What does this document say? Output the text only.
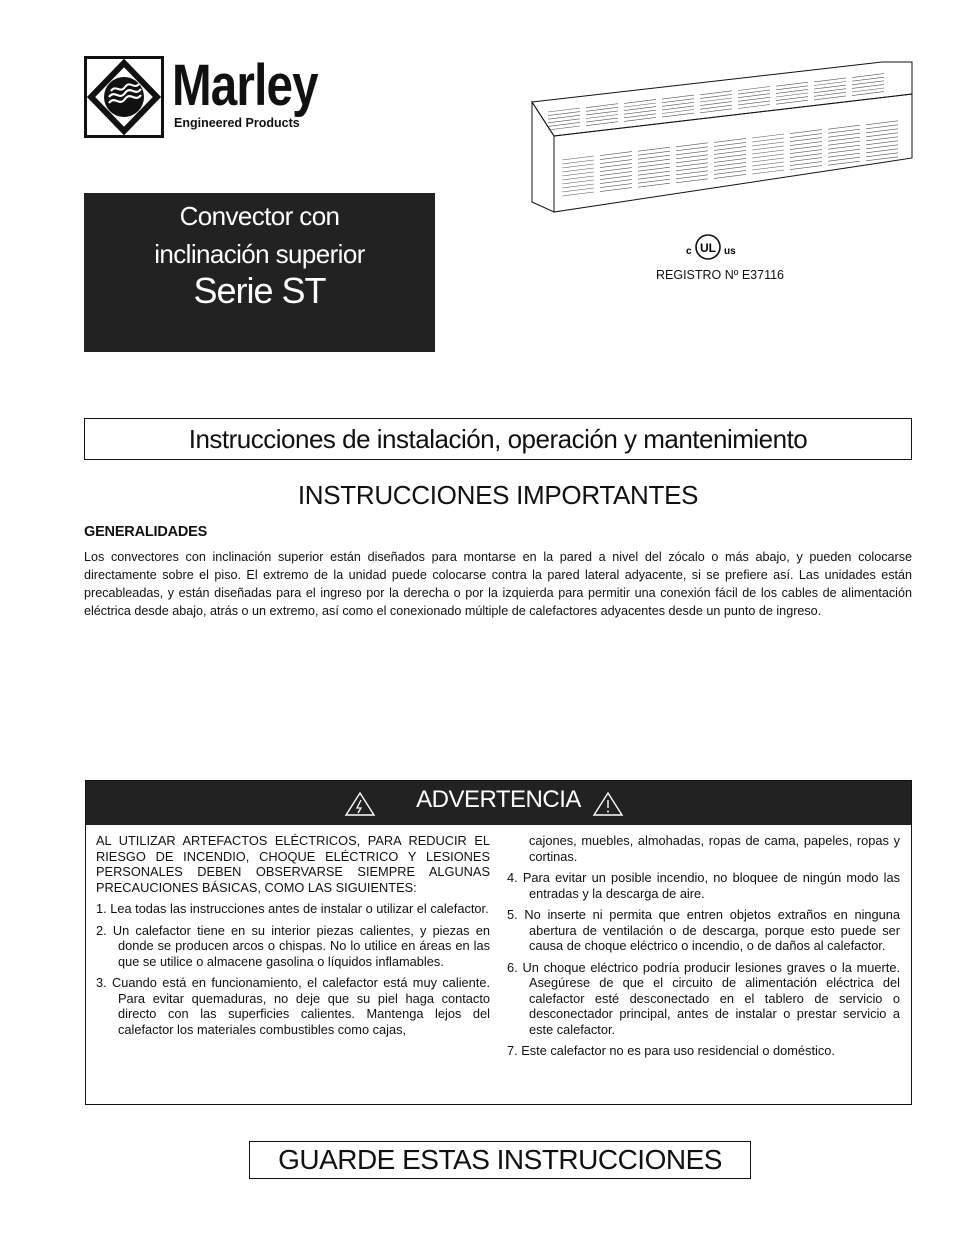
Marley
Engineered Products
Convector con
inclinación superior
Serie ST
c UL us
REGISTRO Nº E37116
Instrucciones de instalación, operación y mantenimiento
INSTRUCCIONES IMPORTANTES
GENERALIDADES
Los convectores con inclinación superior están diseñados para montarse en la pared a nivel del zócalo o más abajo, y pueden colocarse directamente sobre el piso. El extremo de la unidad puede colocarse contra la pared lateral adyacente, si se prefiere así. Las unidades están precableadas, y están diseñadas para el ingreso por la derecha o por la izquierda para permitir una conexión fácil de los cables de alimentación eléctrica desde abajo, atrás o un extremo, así como el conexionado múltiple de calefactores adyacentes desde un punto de ingreso.
ADVERTENCIA

AL UTILIZAR ARTEFACTOS ELÉCTRICOS, PARA REDUCIR EL RIESGO DE INCENDIO, CHOQUE ELÉCTRICO Y LESIONES PERSONALES DEBEN OBSERVARSE SIEMPRE ALGUNAS PRECAUCIONES BÁSICAS, COMO LAS SIGUIENTES:

1. Lea todas las instrucciones antes de instalar o utilizar el calefactor.

2. Un calefactor tiene en su interior piezas calientes, y piezas en donde se producen arcos o chispas. No lo utilice en áreas en las que se utilice o almacene gasolina o líquidos inflamables.

3. Cuando está en funcionamiento, el calefactor está muy caliente. Para evitar quemaduras, no deje que su piel haga contacto directo con las superficies calientes. Mantenga lejos del calefactor los materiales combustibles como cajas,

cajones, muebles, almohadas, ropas de cama, papeles, ropas y cortinas.

4. Para evitar un posible incendio, no bloquee de ningún modo las entradas y la descarga de aire.

5. No inserte ni permita que entren objetos extraños en ninguna abertura de ventilación o de descarga, porque esto puede ser causa de choque eléctrico o incendio, o de daños al calefactor.

6. Un choque eléctrico podría producir lesiones graves o la muerte. Asegúrese de que el circuito de alimentación eléctrica del calefactor esté desconectado en el tablero de servicio o desconectador principal, antes de instalar o prestar servicio a este calefactor.

7. Este calefactor no es para uso residencial o doméstico.

GUARDE ESTAS INSTRUCCIONES
